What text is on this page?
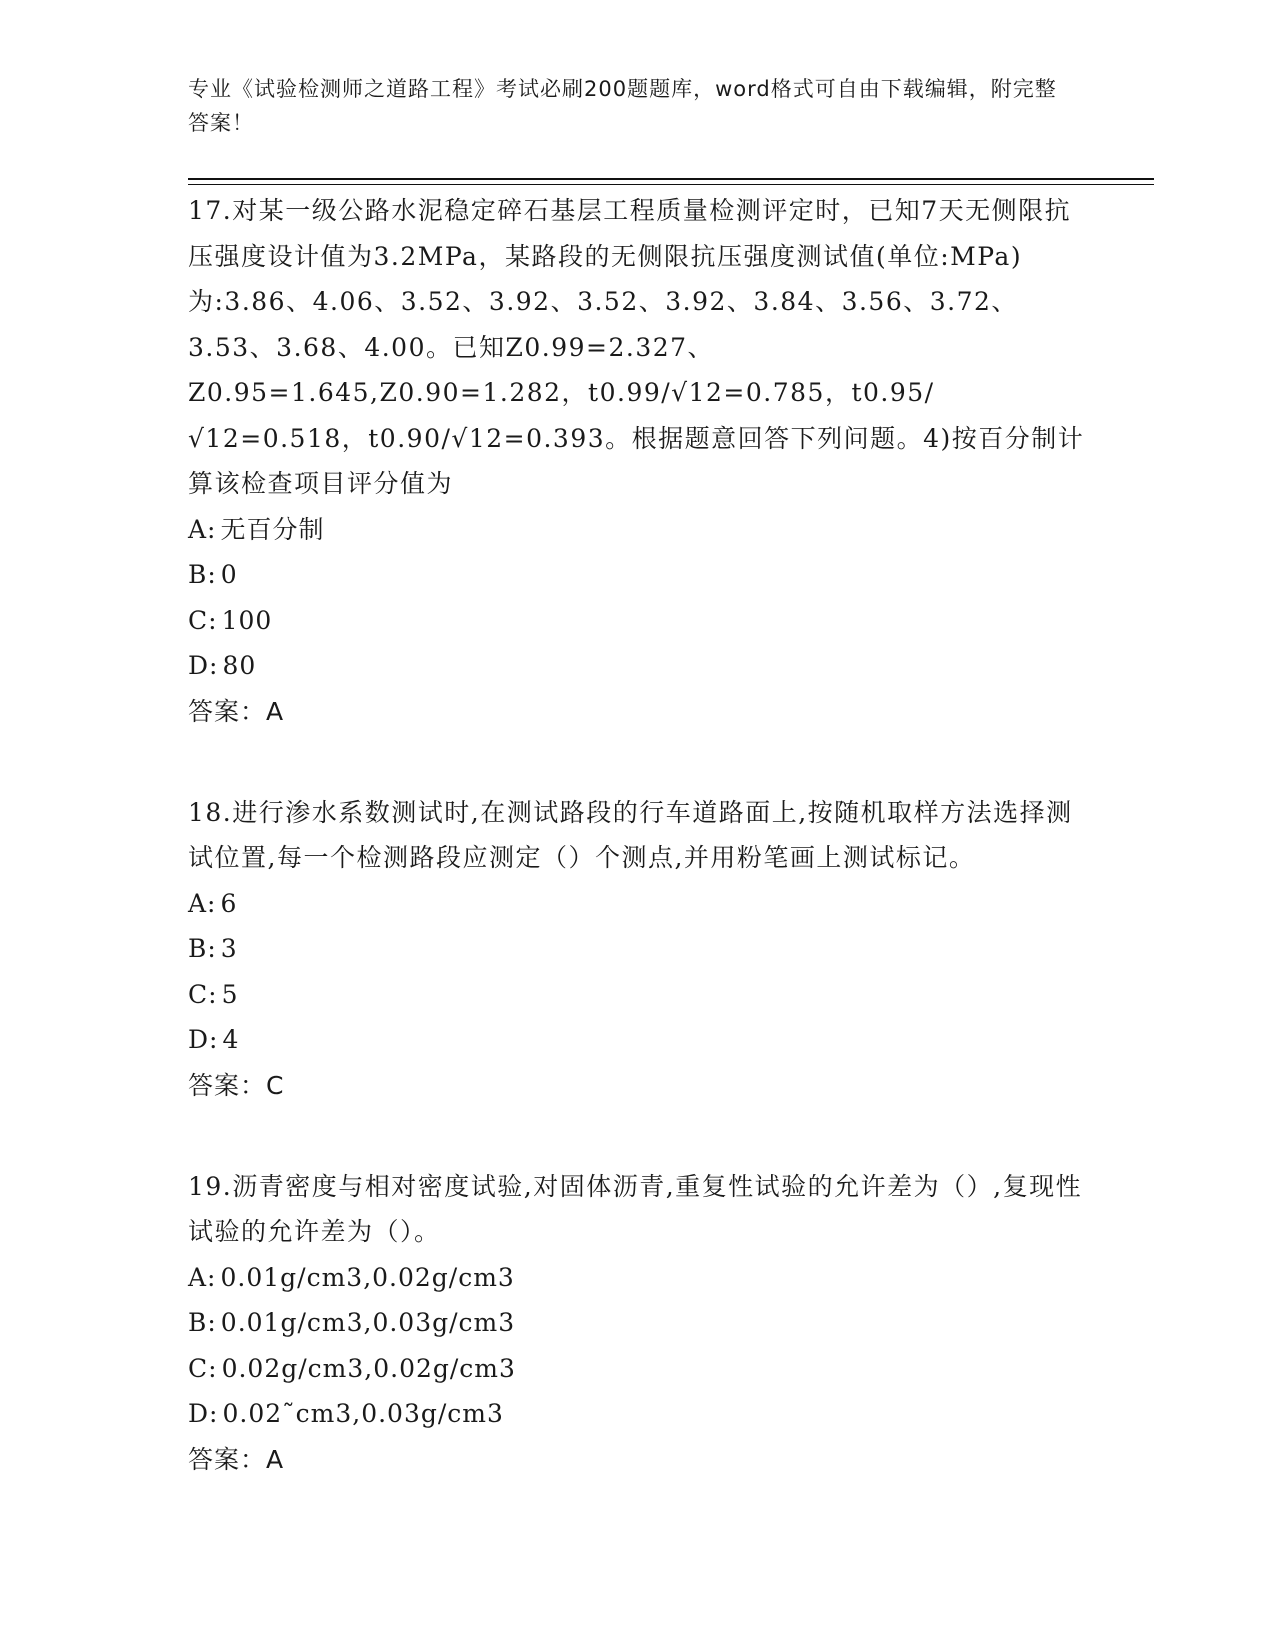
专业《试验检测师之道路工程》考试必刷200题题库，word格式可自由下载编辑，附完整答案！

17.对某一级公路水泥稳定碎石基层工程质量检测评定时，已知7天无侧限抗压强度设计值为3.2MPa，某路段的无侧限抗压强度测试值(单位:MPa)为:3.86、4.06、3.52、3.92、3.52、3.92、3.84、3.56、3.72、3.53、3.68、4.00。已知Z0.99=2.327、Z0.95=1.645,Z0.90=1.282，t0.99/√12=0.785，t0.95/√12=0.518，t0.90/√12=0.393。根据题意回答下列问题。4)按百分制计算该检查项目评分值为

A: 无百分制

B: 0

C: 100

D: 80

答案：A

18.进行渗水系数测试时,在测试路段的行车道路面上,按随机取样方法选择测试位置,每一个检测路段应测定（）个测点,并用粉笔画上测试标记。

A: 6

B: 3

C: 5

D: 4

答案：C

19.沥青密度与相对密度试验,对固体沥青,重复性试验的允许差为（）,复现性试验的允许差为（）。

A: 0.01g/cm3,0.02g/cm3

B: 0.01g/cm3,0.03g/cm3

C: 0.02g/cm3,0.02g/cm3

D: 0.02˜cm3,0.03g/cm3

答案：A
